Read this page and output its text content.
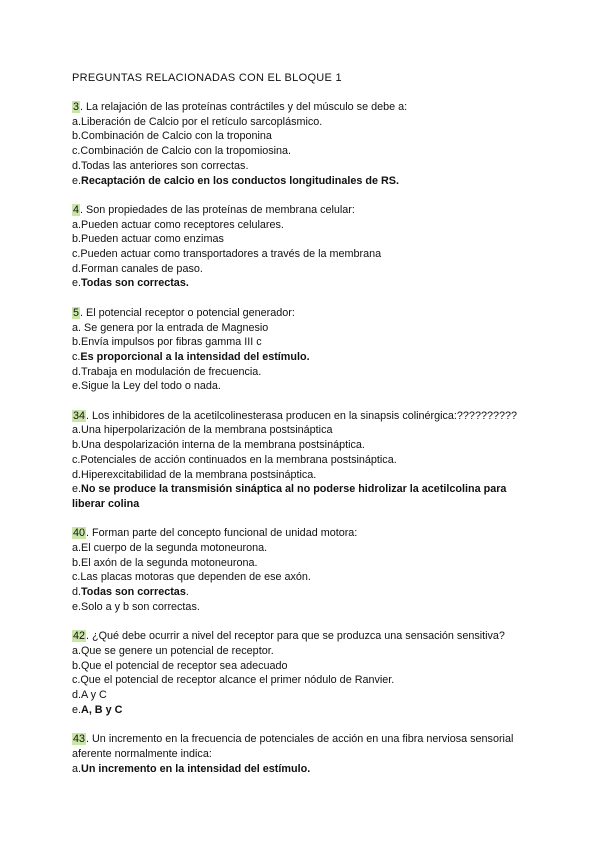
PREGUNTAS RELACIONADAS CON EL BLOQUE 1
3. La relajación de las proteínas contráctiles y del músculo se debe a:
a.Liberación de Calcio por el retículo sarcoplásmico.
b.Combinación de Calcio con la troponina
c.Combinación de Calcio con la tropomiosina.
d.Todas las anteriores son correctas.
e.Recaptación de calcio en los conductos longitudinales de RS.
4. Son propiedades de las proteínas de membrana celular:
a.Pueden actuar como receptores celulares.
b.Pueden actuar como enzimas
c.Pueden actuar como transportadores a través de la membrana
d.Forman canales de paso.
e.Todas son correctas.
5. El potencial receptor o potencial generador:
a. Se genera por la entrada de Magnesio
b.Envía impulsos por fibras gamma III c
c.Es proporcional a la intensidad del estímulo.
d.Trabaja en modulación de frecuencia.
e.Sigue la Ley del todo o nada.
34. Los inhibidores de la acetilcolinesterasa producen en la sinapsis colinérgica:??????????
a.Una hiperpolarización de la membrana postsináptica
b.Una despolarización interna de la membrana postsináptica.
c.Potenciales de acción continuados en la membrana postsináptica.
d.Hiperexcitabilidad de la membrana postsináptica.
e.No se produce la transmisión sináptica al no poderse hidrolizar la acetilcolina para liberar colina
40. Forman parte del concepto funcional de unidad motora:
a.El cuerpo de la segunda motoneurona.
b.El axón de la segunda motoneurona.
c.Las placas motoras que dependen de ese axón.
d.Todas son correctas.
e.Solo a y b son correctas.
42. ¿Qué debe ocurrir a nivel del receptor para que se produzca una sensación sensitiva?
a.Que se genere un potencial de receptor.
b.Que el potencial de receptor sea adecuado
c.Que el potencial de receptor alcance el primer nódulo de Ranvier.
d.A y C
e.A, B y C
43. Un incremento en la frecuencia de potenciales de acción en una fibra nerviosa sensorial aferente normalmente indica:
a.Un incremento en la intensidad del estímulo.
